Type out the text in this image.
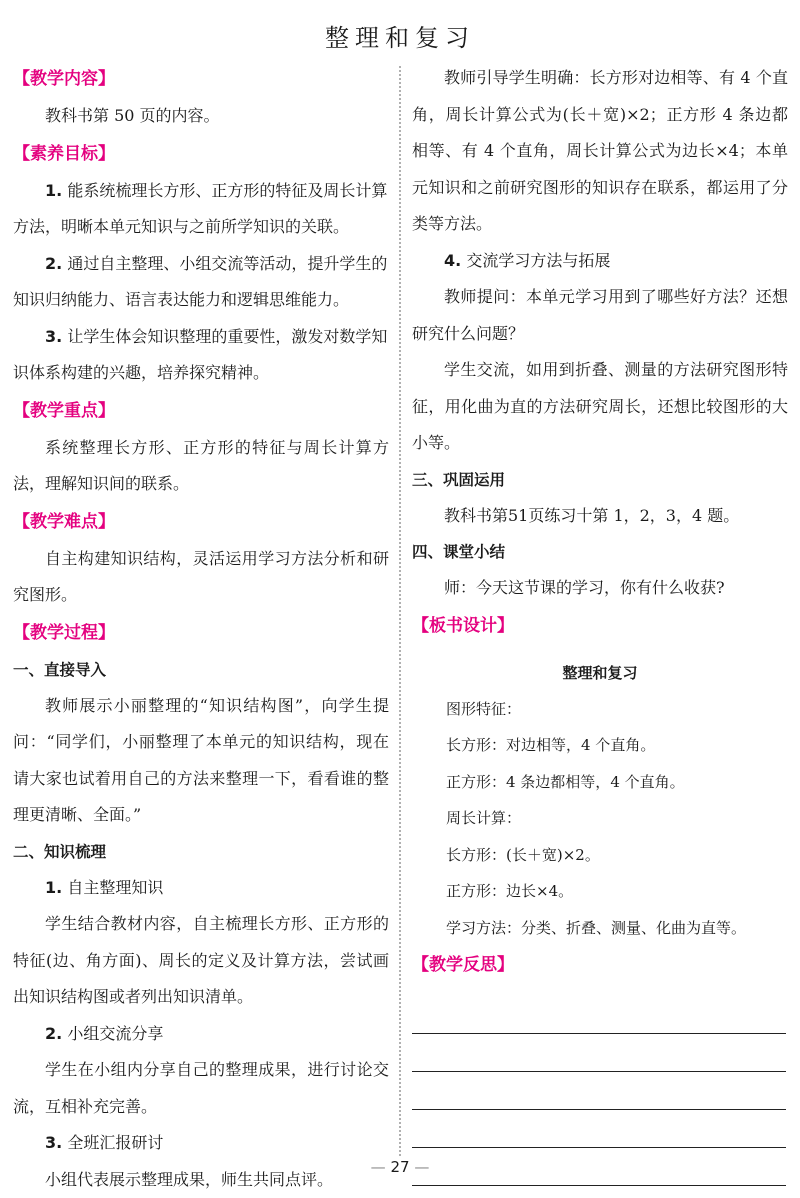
整理和复习
【教学内容】

教科书第 50 页的内容。

【素养目标】

1. 能系统梳理长方形、正方形的特征及周长计算方法，明晰本单元知识与之前所学知识的关联。

2. 通过自主整理、小组交流等活动，提升学生的知识归纳能力、语言表达能力和逻辑思维能力。

3. 让学生体会知识整理的重要性，激发对数学知识体系构建的兴趣，培养探究精神。

【教学重点】

系统整理长方形、正方形的特征与周长计算方法，理解知识间的联系。

【教学难点】

自主构建知识结构，灵活运用学习方法分析和研究图形。

【教学过程】
一、直接导入

教师展示小丽整理的“知识结构图”，向学生提问：“同学们，小丽整理了本单元的知识结构，现在请大家也试着用自己的方法来整理一下，看看谁的整理更清晰、全面。”

二、知识梳理

1. 自主整理知识

学生结合教材内容，自主梳理长方形、正方形的特征(边、角方面)、周长的定义及计算方法，尝试画出知识结构图或者列出知识清单。

2. 小组交流分享

学生在小组内分享自己的整理成果，进行讨论交流，互相补充完善。

3. 全班汇报研讨

小组代表展示整理成果，师生共同点评。

教师引导学生明确：长方形对边相等、有 4 个直角，周长计算公式为(长＋宽)×2；正方形 4 条边都相等、有 4 个直角，周长计算公式为边长×4；本单元知识和之前研究图形的知识存在联系，都运用了分类等方法。

4. 交流学习方法与拓展

教师提问：本单元学习用到了哪些好方法？还想研究什么问题？

学生交流，如用到折叠、测量的方法研究图形特征，用化曲为直的方法研究周长，还想比较图形的大小等。

三、巩固运用

教科书第51页练习十第 1，2，3，4 题。

四、课堂小结

师：今天这节课的学习，你有什么收获?

【板书设计】
整理和复习
图形特征：
长方形：对边相等，4 个直角。
正方形：4 条边都相等，4 个直角。
周长计算：
长方形：(长＋宽)×2。
正方形：边长×4。
学习方法：分类、折叠、测量、化曲为直等。
【教学反思】
— 27 —
